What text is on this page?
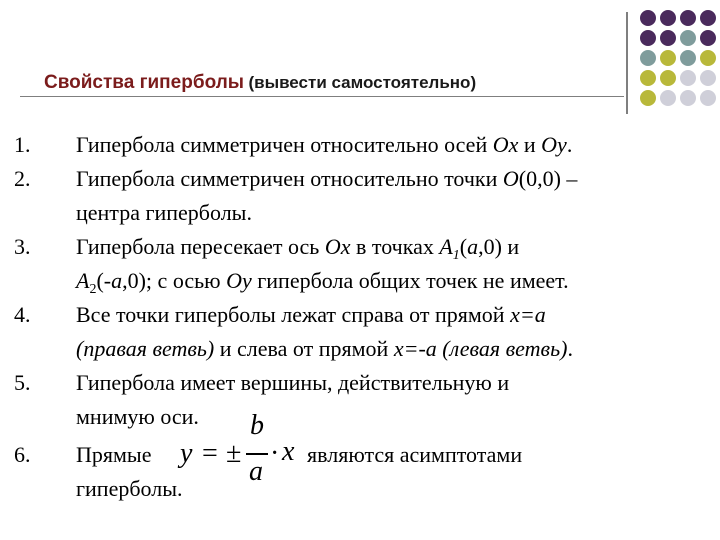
Свойства гиперболы (вывести самостоятельно)
1.	Гипербола симметричен относительно осей Ox и Oy.
2.	Гипербола симметричен относительно точки O(0,0) –
центра гиперболы.
3.	Гипербола пересекает ось Ox в точках $A_1(a,0)$ и
$A_2(-a,0)$; с осью Oy гипербола общих точек не имеет.
4.	Все точки гиперболы лежат справа от прямой x=a
(правая ветвь) и слева от прямой x=-a (левая ветвь).
5.	Гипербола имеет вершины, действительную и
мнимую оси.
6.	Прямые	являются асимптотами
гиперболы.
y = ±
b
a
· x
